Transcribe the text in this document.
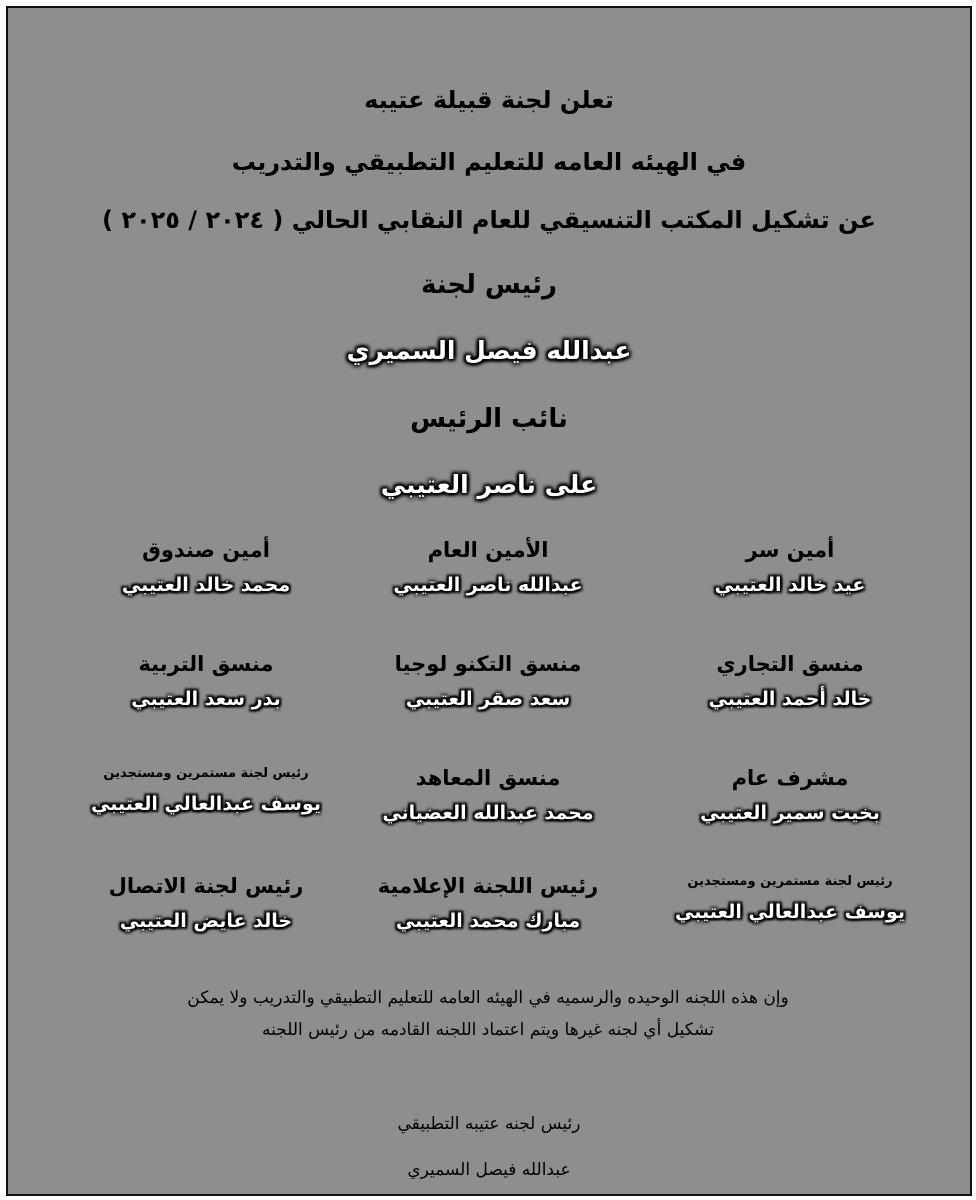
تعلن لجنة قبيلة عتيبه
في الهيئه العامه للتعليم التطبيقي والتدريب
عن تشكيل المكتب التنسيقي للعام النقابي الحالي ( ٢٠٢٤ / ٢٠٢٥ )
رئيس لجنة
عبدالله فيصل السميري
نائب الرئيس
على ناصر العتيبي
أمين سر
عيد خالد العتيبي
الأمين العام
عبدالله ناصر العتيبي
أمين صندوق
محمد خالد العتيبي
منسق التجاري
خالد أحمد العتيبي
منسق التكنو لوجيا
سعد صقر العتيبي
منسق التربية
بدر سعد العتيبي
مشرف عام
بخيت سمير العتيبي
منسق المعاهد
محمد عبدالله العضياني
رئيس لجنة مستمرين ومستجدين
يوسف عبدالعالي العتيبي
رئيس لجنة مستمرين ومستجدين
يوسف عبدالعالي العتيبي
رئيس اللجنة الإعلامية
مبارك محمد العتيبي
رئيس لجنة الاتصال
خالد عايض العتيبي
وإن هذه اللجنه الوحيده والرسميه في الهيئه العامه للتعليم التطبيقي والتدريب ولا يمكن
تشكيل أي لجنه غيرها ويتم اعتماد اللجنه القادمه من رئيس اللجنه
رئيس لجنه عتيبه التطبيقي
عبدالله فيصل السميري
